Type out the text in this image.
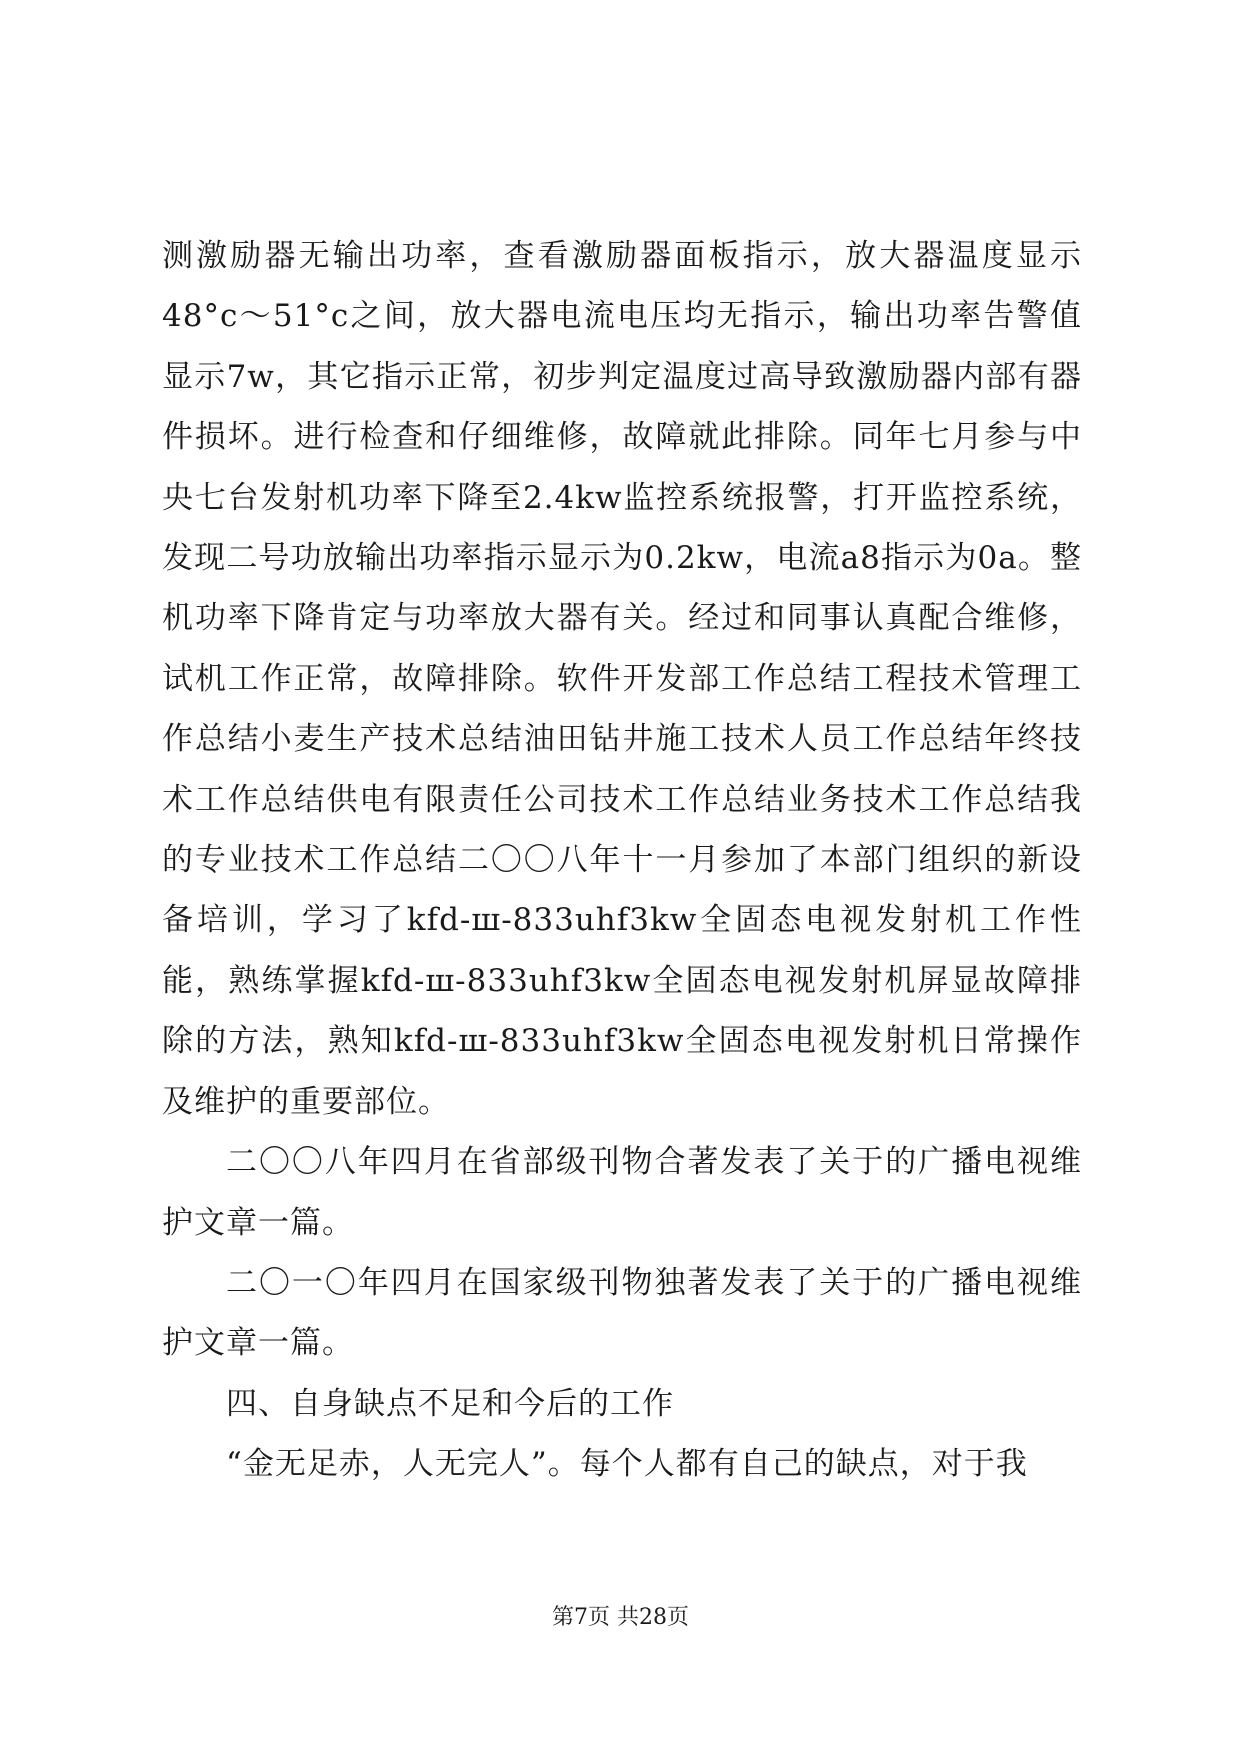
测激励器无输出功率，查看激励器面板指示，放大器温度显示48°c～51°c之间，放大器电流电压均无指示，输出功率告警值显示7w，其它指示正常，初步判定温度过高导致激励器内部有器件损坏。进行检查和仔细维修，故障就此排除。同年七月参与中央七台发射机功率下降至2.4kw监控系统报警，打开监控系统，发现二号功放输出功率指示显示为0.2kw，电流a8指示为0a。整机功率下降肯定与功率放大器有关。经过和同事认真配合维修，试机工作正常，故障排除。软件开发部工作总结工程技术管理工作总结小麦生产技术总结油田钻井施工技术人员工作总结年终技术工作总结供电有限责任公司技术工作总结业务技术工作总结我的专业技术工作总结二〇〇八年十一月参加了本部门组织的新设备培训，学习了kfd-ш-833uhf3kw全固态电视发射机工作性能，熟练掌握kfd-ш-833uhf3kw全固态电视发射机屏显故障排除的方法，熟知kfd-ш-833uhf3kw全固态电视发射机日常操作及维护的重要部位。

二〇〇八年四月在省部级刊物合著发表了关于的广播电视维护文章一篇。

二〇一〇年四月在国家级刊物独著发表了关于的广播电视维护文章一篇。

四、自身缺点不足和今后的工作

“金无足赤，人无完人”。每个人都有自己的缺点，对于我

第7页 共28页
